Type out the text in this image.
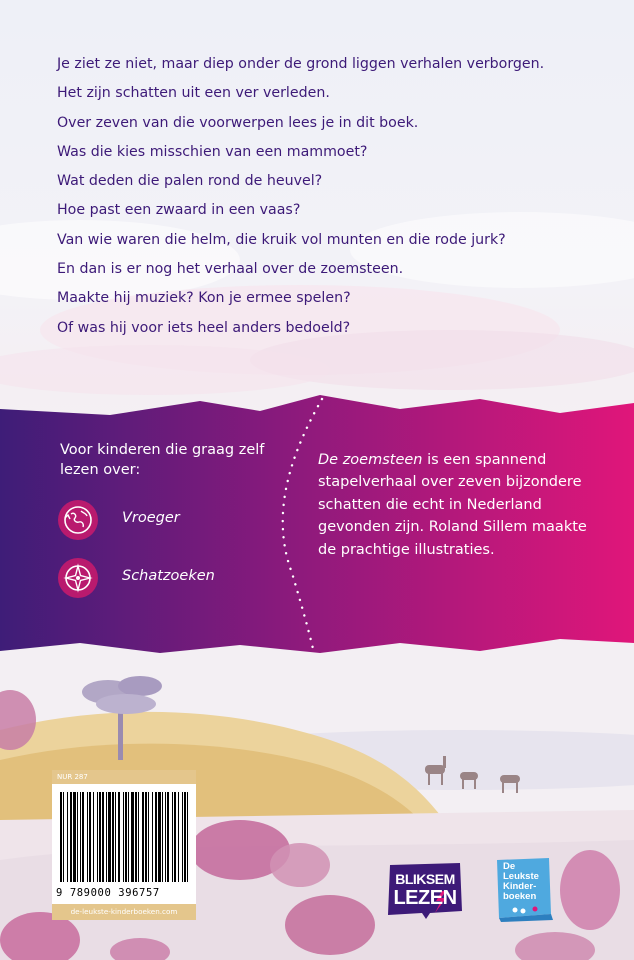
Je ziet ze niet, maar diep onder de grond liggen verhalen verborgen.
Het zijn schatten uit een ver verleden.
Over zeven van die voorwerpen lees je in dit boek.
Was die kies misschien van een mammoet?
Wat deden die palen rond de heuvel?
Hoe past een zwaard in een vaas?
Van wie waren die helm, die kruik vol munten en die rode jurk?
En dan is er nog het verhaal over de zoemsteen.
Maakte hij muziek? Kon je ermee spelen?
Of was hij voor iets heel anders bedoeld?
Voor kinderen die graag zelf lezen over:
Vroeger
Schatzoeken

De zoemsteen is een spannend stapelverhaal over zeven bijzondere schatten die echt in Nederland gevonden zijn. Roland Sillem maakte de prachtige illustraties.

NUR 287
9 789000 396757
de-leukste-kinderboeken.com
BLIKSEM
LEZEN
De
Leukste
Kinder-
boeken
